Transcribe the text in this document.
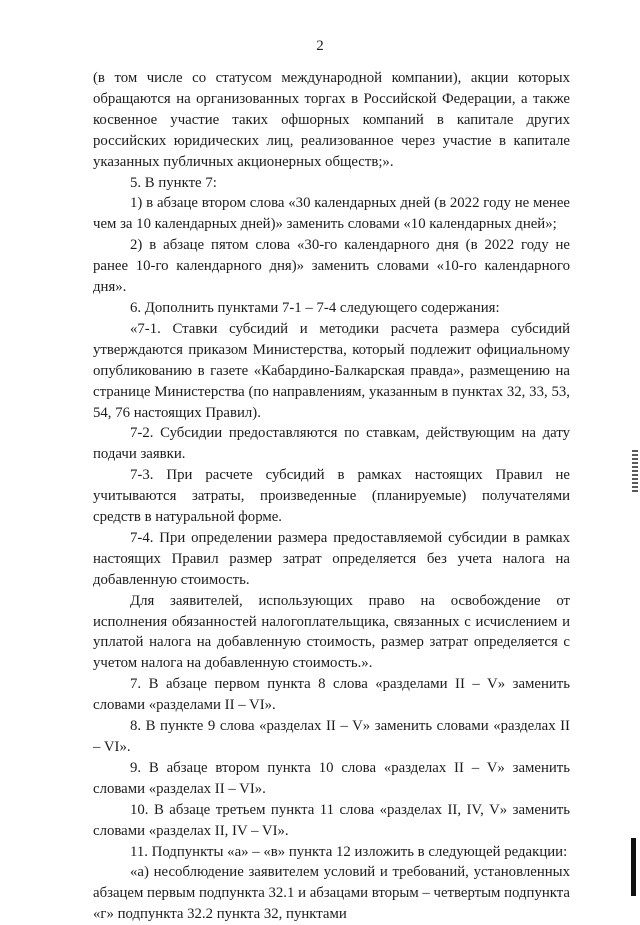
2

(в том числе со статусом международной компании), акции которых обращаются на организованных торгах в Российской Федерации, а также косвенное участие таких офшорных компаний в капитале других российских юридических лиц, реализованное через участие в капитале указанных публичных акционерных обществ;».

5. В пункте 7:

1) в абзаце втором слова «30 календарных дней (в 2022 году не менее чем за 10 календарных дней)» заменить словами «10 календарных дней»;

2) в абзаце пятом слова «30-го календарного дня (в 2022 году не ранее 10-го календарного дня)» заменить словами «10-го календарного дня».

6. Дополнить пунктами 7-1 – 7-4 следующего содержания:

«7-1. Ставки субсидий и методики расчета размера субсидий утверждаются приказом Министерства, который подлежит официальному опубликованию в газете «Кабардино-Балкарская правда», размещению на странице Министерства (по направлениям, указанным в пунктах 32, 33, 53, 54, 76 настоящих Правил).

7-2. Субсидии предоставляются по ставкам, действующим на дату подачи заявки.

7-3. При расчете субсидий в рамках настоящих Правил не учитываются затраты, произведенные (планируемые) получателями средств в натуральной форме.

7-4. При определении размера предоставляемой субсидии в рамках настоящих Правил размер затрат определяется без учета налога на добавленную стоимость.

Для заявителей, использующих право на освобождение от исполнения обязанностей налогоплательщика, связанных с исчислением и уплатой налога на добавленную стоимость, размер затрат определяется с учетом налога на добавленную стоимость.».

7. В абзаце первом пункта 8 слова «разделами II – V» заменить словами «разделами II – VI».

8. В пункте 9 слова «разделах II – V» заменить словами «разделах II – VI».

9. В абзаце втором пункта 10 слова «разделах II – V» заменить словами «разделах II – VI».

10. В абзаце третьем пункта 11 слова «разделах II, IV, V» заменить словами «разделах II, IV – VI».

11. Подпункты «а» – «в» пункта 12 изложить в следующей редакции:

«а) несоблюдение заявителем условий и требований, установленных абзацем первым подпункта 32.1 и абзацами вторым – четвертым подпункта «г» подпункта 32.2 пункта 32, пунктами
